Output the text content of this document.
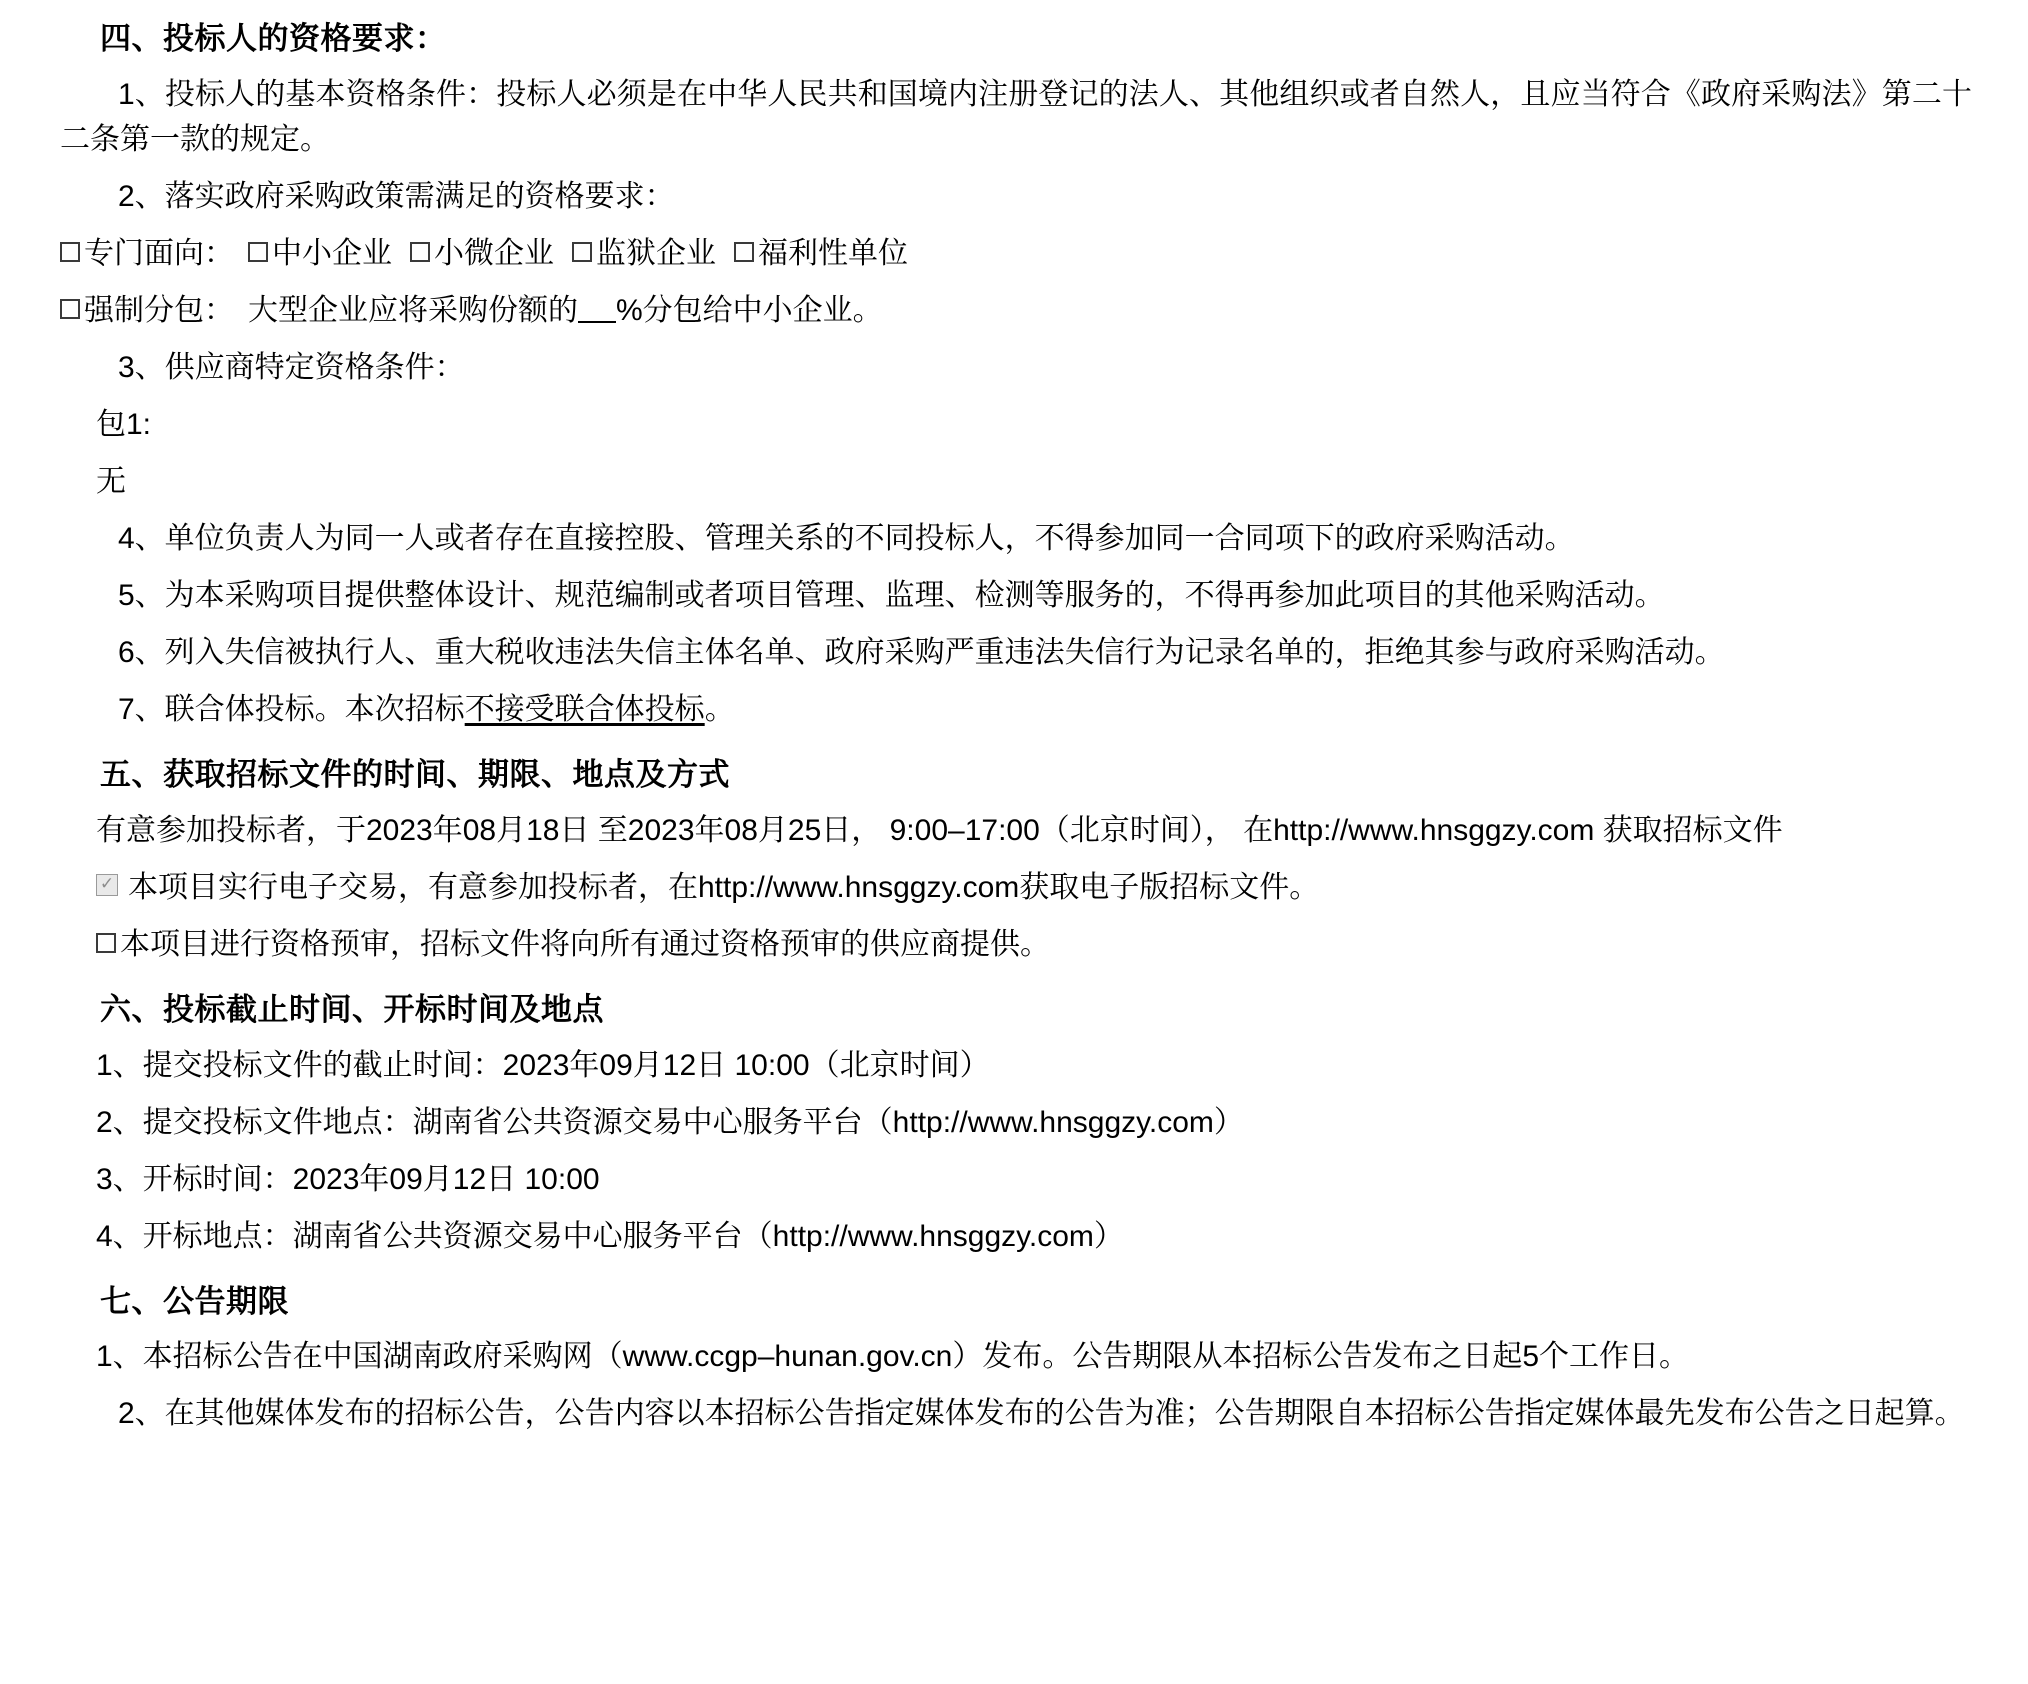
四、投标人的资格要求：

1、投标人的基本资格条件：投标人必须是在中华人民共和国境内注册登记的法人、其他组织或者自然人，且应当符合《政府采购法》第二十二条第一款的规定。

2、落实政府采购政策需满足的资格要求：

专门面向： 中小企业 小微企业 监狱企业 福利性单位

强制分包： 大型企业应将采购份额的 %分包给中小企业。

3、供应商特定资格条件：

包1:

无

4、单位负责人为同一人或者存在直接控股、管理关系的不同投标人，不得参加同一合同项下的政府采购活动。

5、为本采购项目提供整体设计、规范编制或者项目管理、监理、检测等服务的，不得再参加此项目的其他采购活动。

6、列入失信被执行人、重大税收违法失信主体名单、政府采购严重违法失信行为记录名单的，拒绝其参与政府采购活动。

7、联合体投标。本次招标不接受联合体投标。

五、获取招标文件的时间、期限、地点及方式

有意参加投标者，于2023年08月18日 至2023年08月25日， 9:00–17:00（北京时间）， 在http://www.hnsggzy.com 获取招标文件

✓本项目实行电子交易，有意参加投标者，在http://www.hnsggzy.com获取电子版招标文件。

本项目进行资格预审，招标文件将向所有通过资格预审的供应商提供。

六、投标截止时间、开标时间及地点

1、提交投标文件的截止时间：2023年09月12日 10:00（北京时间）

2、提交投标文件地点：湖南省公共资源交易中心服务平台（http://www.hnsggzy.com）

3、开标时间：2023年09月12日 10:00

4、开标地点：湖南省公共资源交易中心服务平台（http://www.hnsggzy.com）

七、公告期限

1、本招标公告在中国湖南政府采购网（www.ccgp–hunan.gov.cn）发布。公告期限从本招标公告发布之日起5个工作日。

2、在其他媒体发布的招标公告，公告内容以本招标公告指定媒体发布的公告为准；公告期限自本招标公告指定媒体最先发布公告之日起算。
